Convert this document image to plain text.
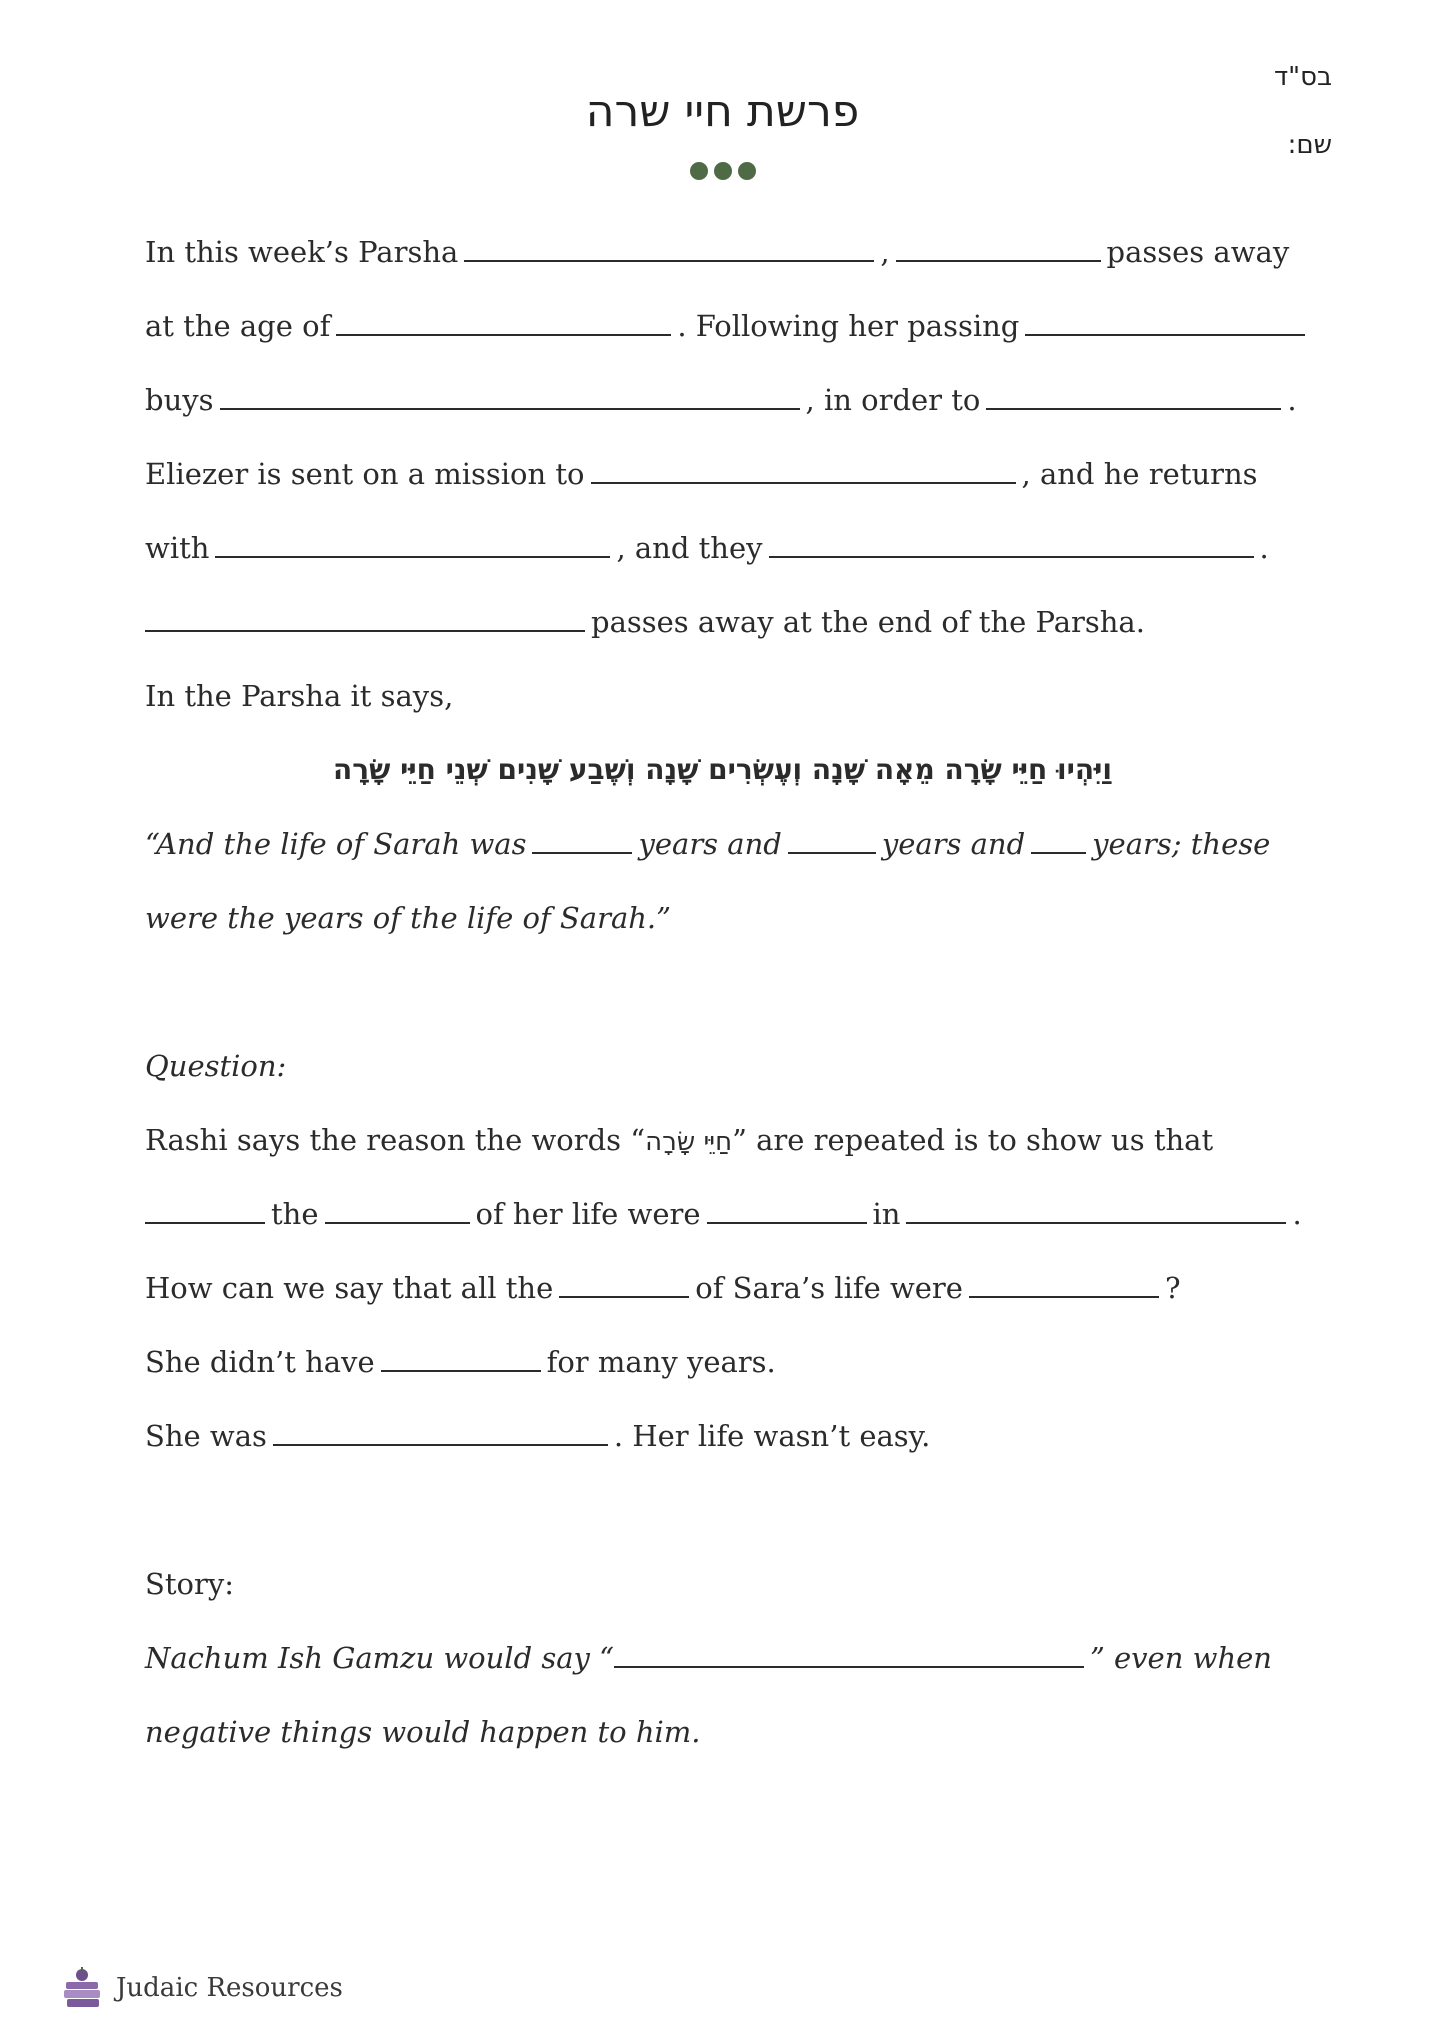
בס"ד
שם:
פרשת חיי שרה
In this week’s Parsha	,	passes away
at the age of	. Following her passing
buys	, in order to	.
Eliezer is sent on a mission to	, and he returns
with	, and they	.
passes away at the end of the Parsha.
In the Parsha it says,
וַיִּהְיוּ חַיֵּי שָׂרָה מֵאָה שָׁנָה וְעֶשְׂרִים שָׁנָה וְשֶׁבַע שָׁנִים שְׁנֵי חַיֵּי שָׂרָה
“And the life of Sarah was	years and	years and years; these
were the years of the life of Sarah.”
Question:
Rashi says the reason the words “חַיֵּי שָׂרָה” are repeated is to show us that
the	of her life were	in	.
How can we say that all the	of Sara’s life were	?
She didn’t have	for many years.
She was	. Her life wasn’t easy.
Story:
Nachum Ish Gamzu would say “	” even when
negative things would happen to him.
Judaic Resources
